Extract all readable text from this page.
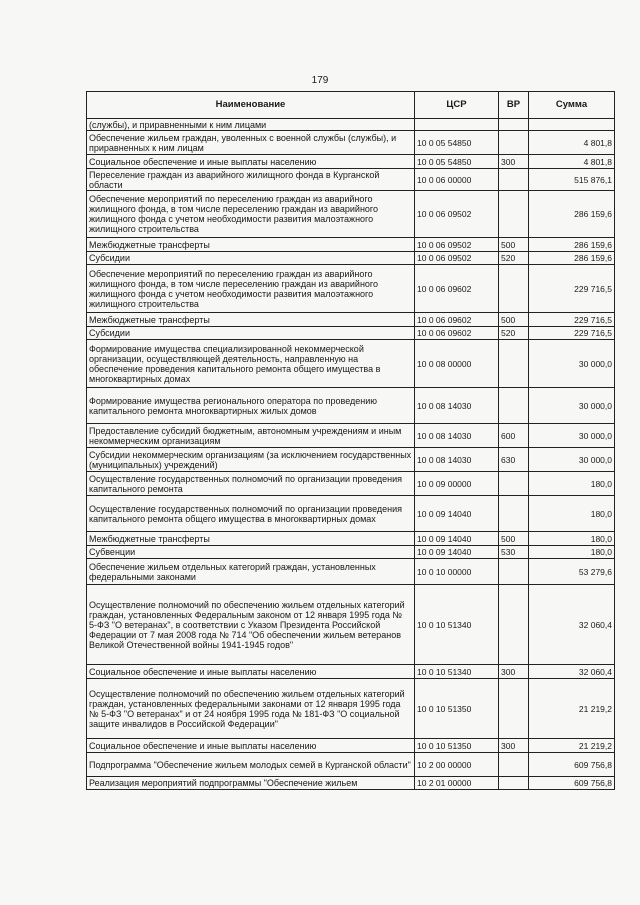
179
Наименование	ЦСР	ВР	Сумма
(службы), и приравненными к ним лицами			
Обеспечение жильем граждан, уволенных с военной службы (службы), и приравненных к ним лицам	10 0 05 54850		4 801,8
Социальное обеспечение и иные выплаты населению	10 0 05 54850	300	4 801,8
Переселение граждан из аварийного жилищного фонда в Курганской области	10 0 06 00000		515 876,1
Обеспечение мероприятий по переселению граждан из аварийного жилищного фонда, в том числе переселению граждан из аварийного жилищного фонда с учетом необходимости развития малоэтажного жилищного строительства	10 0 06 09502		286 159,6
Межбюджетные трансферты	10 0 06 09502	500	286 159,6
Субсидии	10 0 06 09502	520	286 159,6
Обеспечение мероприятий по переселению граждан из аварийного жилищного фонда, в том числе переселению граждан из аварийного жилищного фонда с учетом необходимости развития малоэтажного жилищного строительства	10 0 06 09602		229 716,5
Межбюджетные трансферты	10 0 06 09602	500	229 716,5
Субсидии	10 0 06 09602	520	229 716,5
Формирование имущества специализированной некоммерческой организации, осуществляющей деятельность, направленную на обеспечение проведения капитального ремонта общего имущества в многоквартирных домах	10 0 08 00000		30 000,0
Формирование имущества регионального оператора по проведению капитального ремонта многоквартирных жилых домов	10 0 08 14030		30 000,0
Предоставление субсидий бюджетным, автономным учреждениям и иным некоммерческим организациям	10 0 08 14030	600	30 000,0
Субсидии некоммерческим организациям (за исключением государственных (муниципальных) учреждений)	10 0 08 14030	630	30 000,0
Осуществление государственных полномочий по организации проведения капитального ремонта	10 0 09 00000		180,0
Осуществление государственных полномочий по организации проведения капитального ремонта общего имущества в многоквартирных домах	10 0 09 14040		180,0
Межбюджетные трансферты	10 0 09 14040	500	180,0
Субвенции	10 0 09 14040	530	180,0
Обеспечение жильем отдельных категорий граждан, установленных федеральными законами	10 0 10 00000		53 279,6
Осуществление полномочий по обеспечению жильем отдельных категорий граждан, установленных Федеральным законом от 12 января 1995 года № 5-ФЗ "О ветеранах", в соответствии с Указом Президента Российской Федерации от 7 мая 2008 года № 714 "Об обеспечении жильем ветеранов Великой Отечественной войны 1941-1945 годов"	10 0 10 51340		32 060,4
Социальное обеспечение и иные выплаты населению	10 0 10 51340	300	32 060,4
Осуществление полномочий по обеспечению жильем отдельных категорий граждан, установленных федеральными законами от 12 января 1995 года № 5-ФЗ "О ветеранах" и от 24 ноября 1995 года № 181-ФЗ "О социальной защите инвалидов в Российской Федерации"	10 0 10 51350		21 219,2
Социальное обеспечение и иные выплаты населению	10 0 10 51350	300	21 219,2
Подпрограмма "Обеспечение жильем молодых семей в Курганской области"	10 2 00 00000		609 756,8
Реализация мероприятий подпрограммы "Обеспечение жильем	10 2 01 00000		609 756,8
